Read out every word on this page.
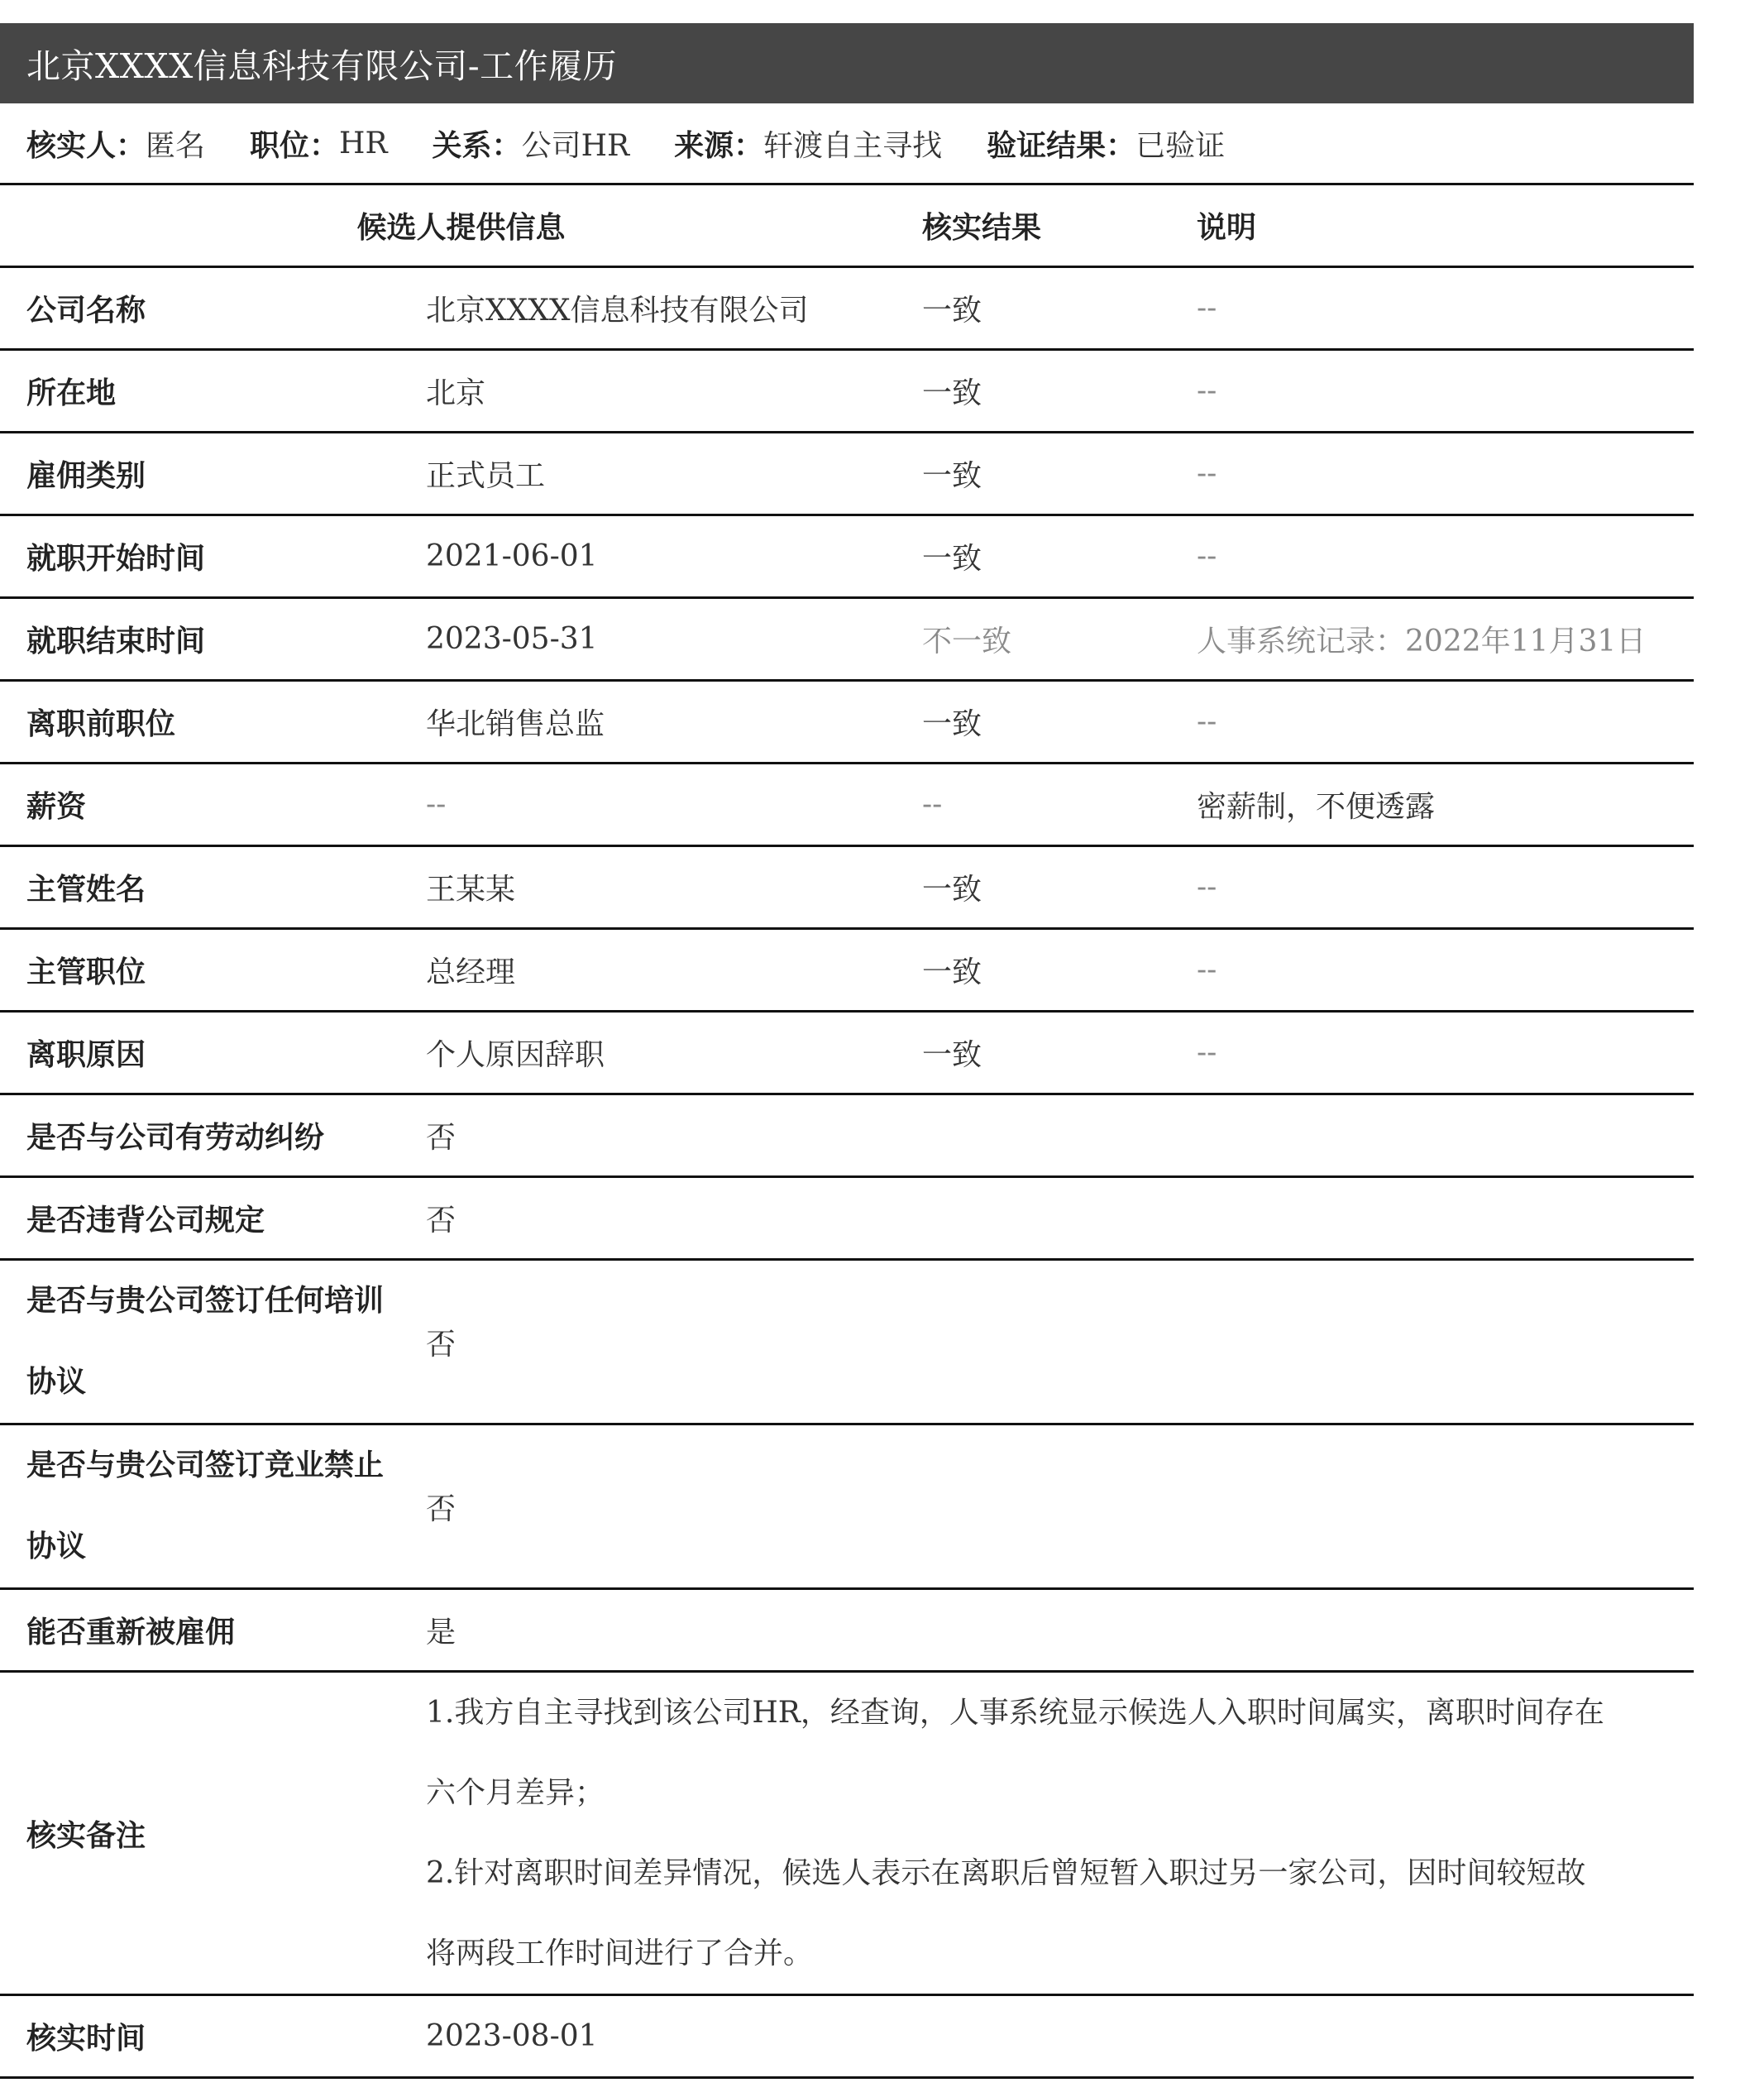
北京XXXX信息科技有限公司-工作履历
核实人： 匿名 职位： HR 关系： 公司HR 来源： 轩渡自主寻找 验证结果： 已验证
候选人提供信息		核实结果	说明
公司名称	北京XXXX信息科技有限公司	一致	--
所在地	北京	一致	--
雇佣类别	正式员工	一致	--
就职开始时间	2021-06-01	一致	--
就职结束时间	2023-05-31	不一致	人事系统记录：2022年11月31日
离职前职位	华北销售总监	一致	--
薪资	--	--	密薪制，不便透露
主管姓名	王某某	一致	--
主管职位	总经理	一致	--
离职原因	个人原因辞职	一致	--
是否与公司有劳动纠纷	否		
是否违背公司规定	否		

是否与贵公司签订任何培训
协议	否		

是否与贵公司签订竞业禁止
协议	否		
能否重新被雇佣	是		
核实备注	1.我方自主寻找到该公司HR，经查询，人事系统显示候选人入职时间属实，离职时间存在
六个月差异；
2.针对离职时间差异情况，候选人表示在离职后曾短暂入职过另一家公司，因时间较短故
将两段工作时间进行了合并。		

核实时间	2023-08-01		
